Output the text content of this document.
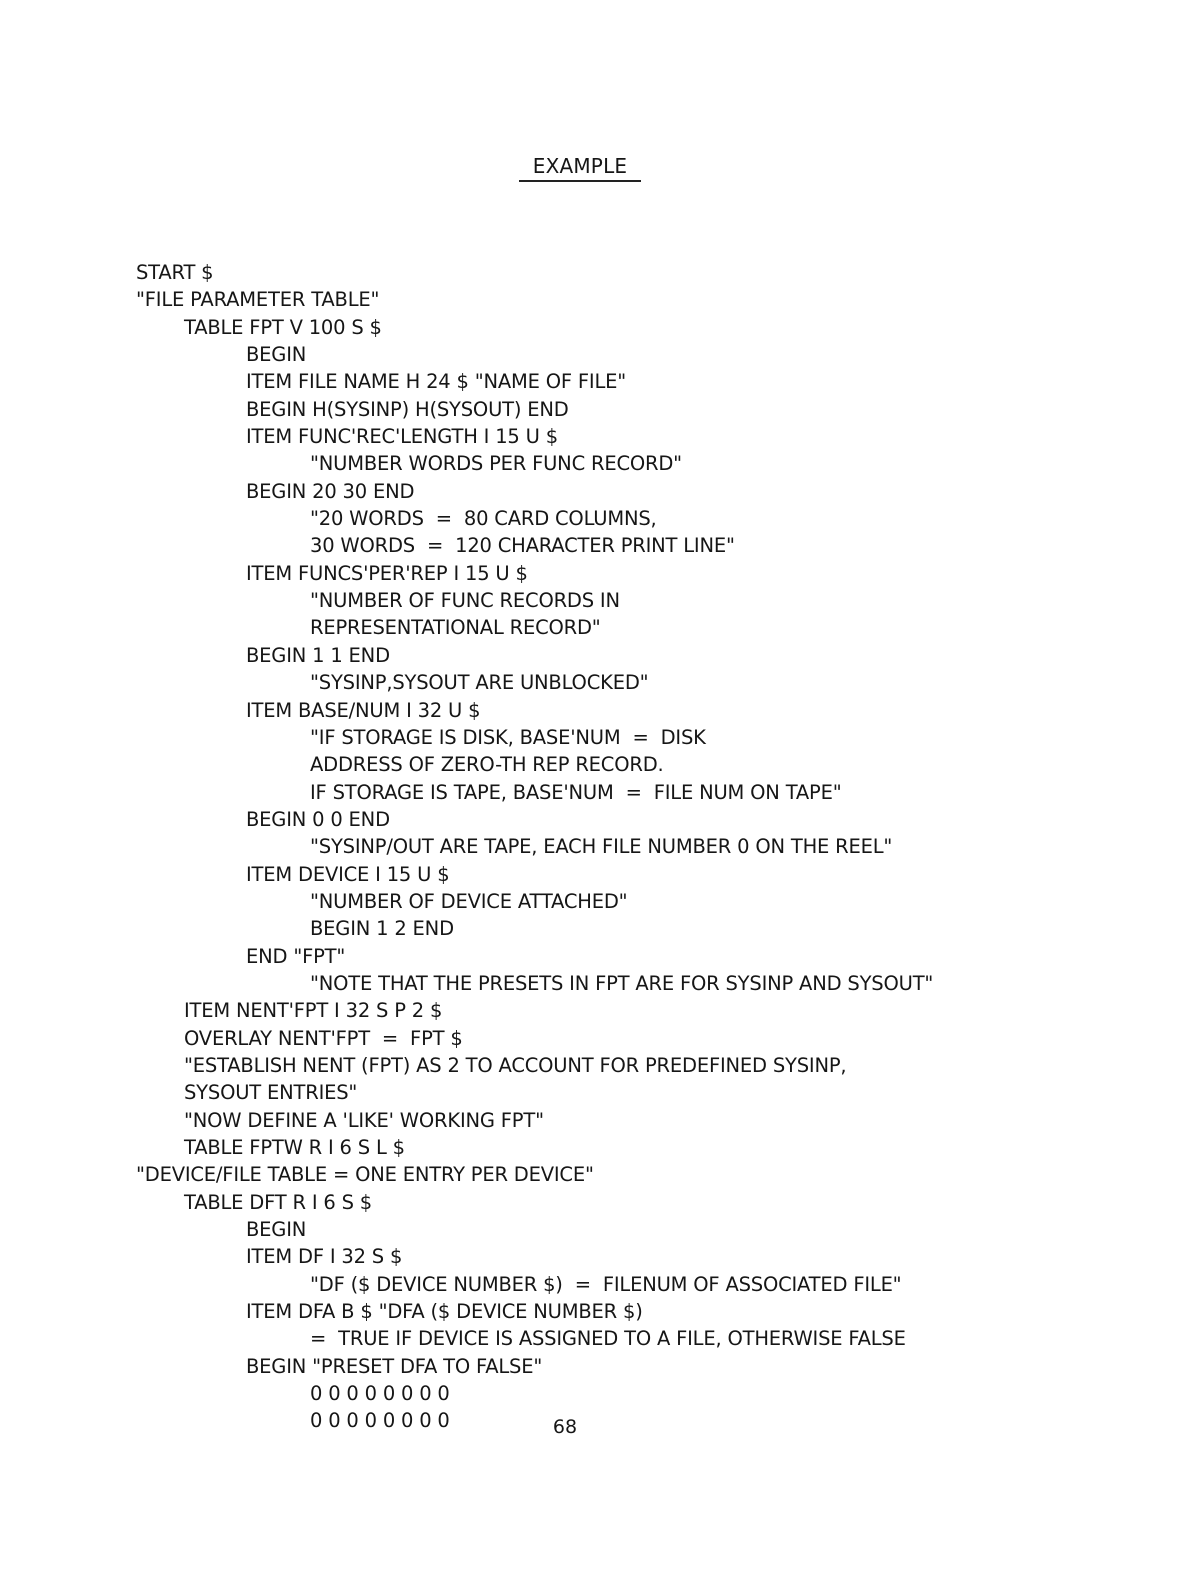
EXAMPLE
START $
"FILE PARAMETER TABLE"
TABLE FPT V 100 S $
BEGIN
ITEM FILE NAME H 24 $ "NAME OF FILE"
BEGIN H(SYSINP) H(SYSOUT) END
ITEM FUNC'REC'LENGTH I 15 U $
"NUMBER WORDS PER FUNC RECORD"
BEGIN 20 30 END
"20 WORDS  =  80 CARD COLUMNS,
30 WORDS  =  120 CHARACTER PRINT LINE"
ITEM FUNCS'PER'REP I 15 U $
"NUMBER OF FUNC RECORDS IN
REPRESENTATIONAL RECORD"
BEGIN 1 1 END
"SYSINP,SYSOUT ARE UNBLOCKED"
ITEM BASE/NUM I 32 U $
"IF STORAGE IS DISK, BASE'NUM  =  DISK
ADDRESS OF ZERO-TH REP RECORD.
IF STORAGE IS TAPE, BASE'NUM  =  FILE NUM ON TAPE"
BEGIN 0 0 END
"SYSINP/OUT ARE TAPE, EACH FILE NUMBER 0 ON THE REEL"
ITEM DEVICE I 15 U $
"NUMBER OF DEVICE ATTACHED"
BEGIN 1 2 END
END "FPT"
"NOTE THAT THE PRESETS IN FPT ARE FOR SYSINP AND SYSOUT"
ITEM NENT'FPT I 32 S P 2 $
OVERLAY NENT'FPT  =  FPT $
"ESTABLISH NENT (FPT) AS 2 TO ACCOUNT FOR PREDEFINED SYSINP,
SYSOUT ENTRIES"
"NOW DEFINE A 'LIKE' WORKING FPT"
TABLE FPTW R I 6 S L $
"DEVICE/FILE TABLE = ONE ENTRY PER DEVICE"
TABLE DFT R I 6 S $
BEGIN
ITEM DF I 32 S $
"DF ($ DEVICE NUMBER $)  =  FILENUM OF ASSOCIATED FILE"
ITEM DFA B $ "DFA ($ DEVICE NUMBER $)
=  TRUE IF DEVICE IS ASSIGNED TO A FILE, OTHERWISE FALSE
BEGIN "PRESET DFA TO FALSE"
0 0 0 0 0 0 0 0
0 0 0 0 0 0 0 0	68
